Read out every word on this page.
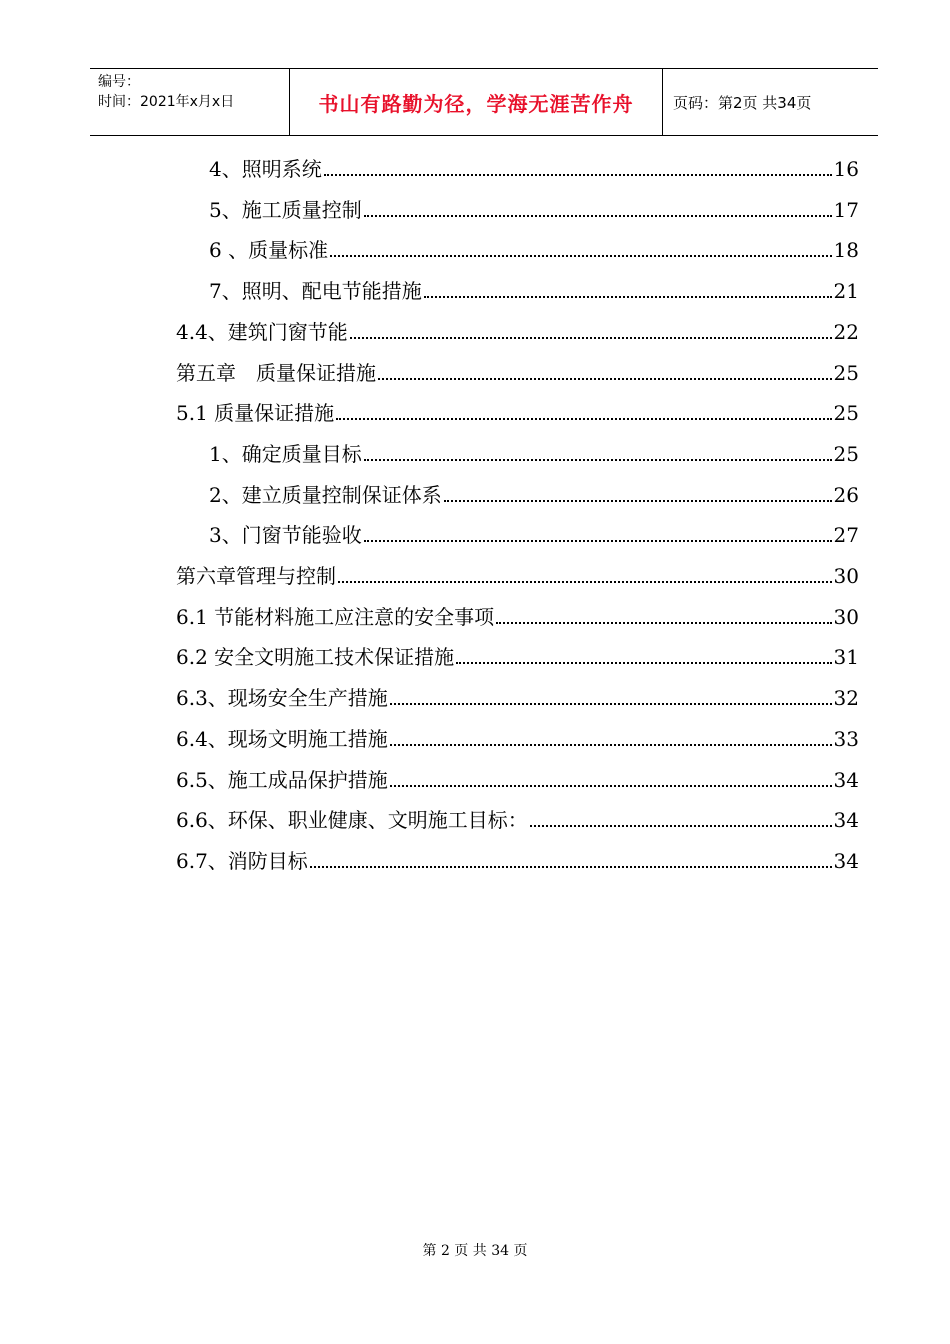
编号：
时间：2021年x月x日	书山有路勤为径，学海无涯苦作舟	页码：第2页 共34页
4、照明系统	16
5、施工质量控制	17
6 、质量标准	18
7、照明、配电节能措施	21
4.4、建筑门窗节能	22
第五章　质量保证措施	25
5.1 质量保证措施	25
1、确定质量目标	25
2、建立质量控制保证体系	26
3、门窗节能验收	27
第六章管理与控制	30
6.1 节能材料施工应注意的安全事项	30
6.2 安全文明施工技术保证措施	31
6.3、现场安全生产措施	32
6.4、现场文明施工措施	33
6.5、施工成品保护措施	34
6.6、环保、职业健康、文明施工目标：	34
6.7、消防目标	34
第 2 页 共 34 页
